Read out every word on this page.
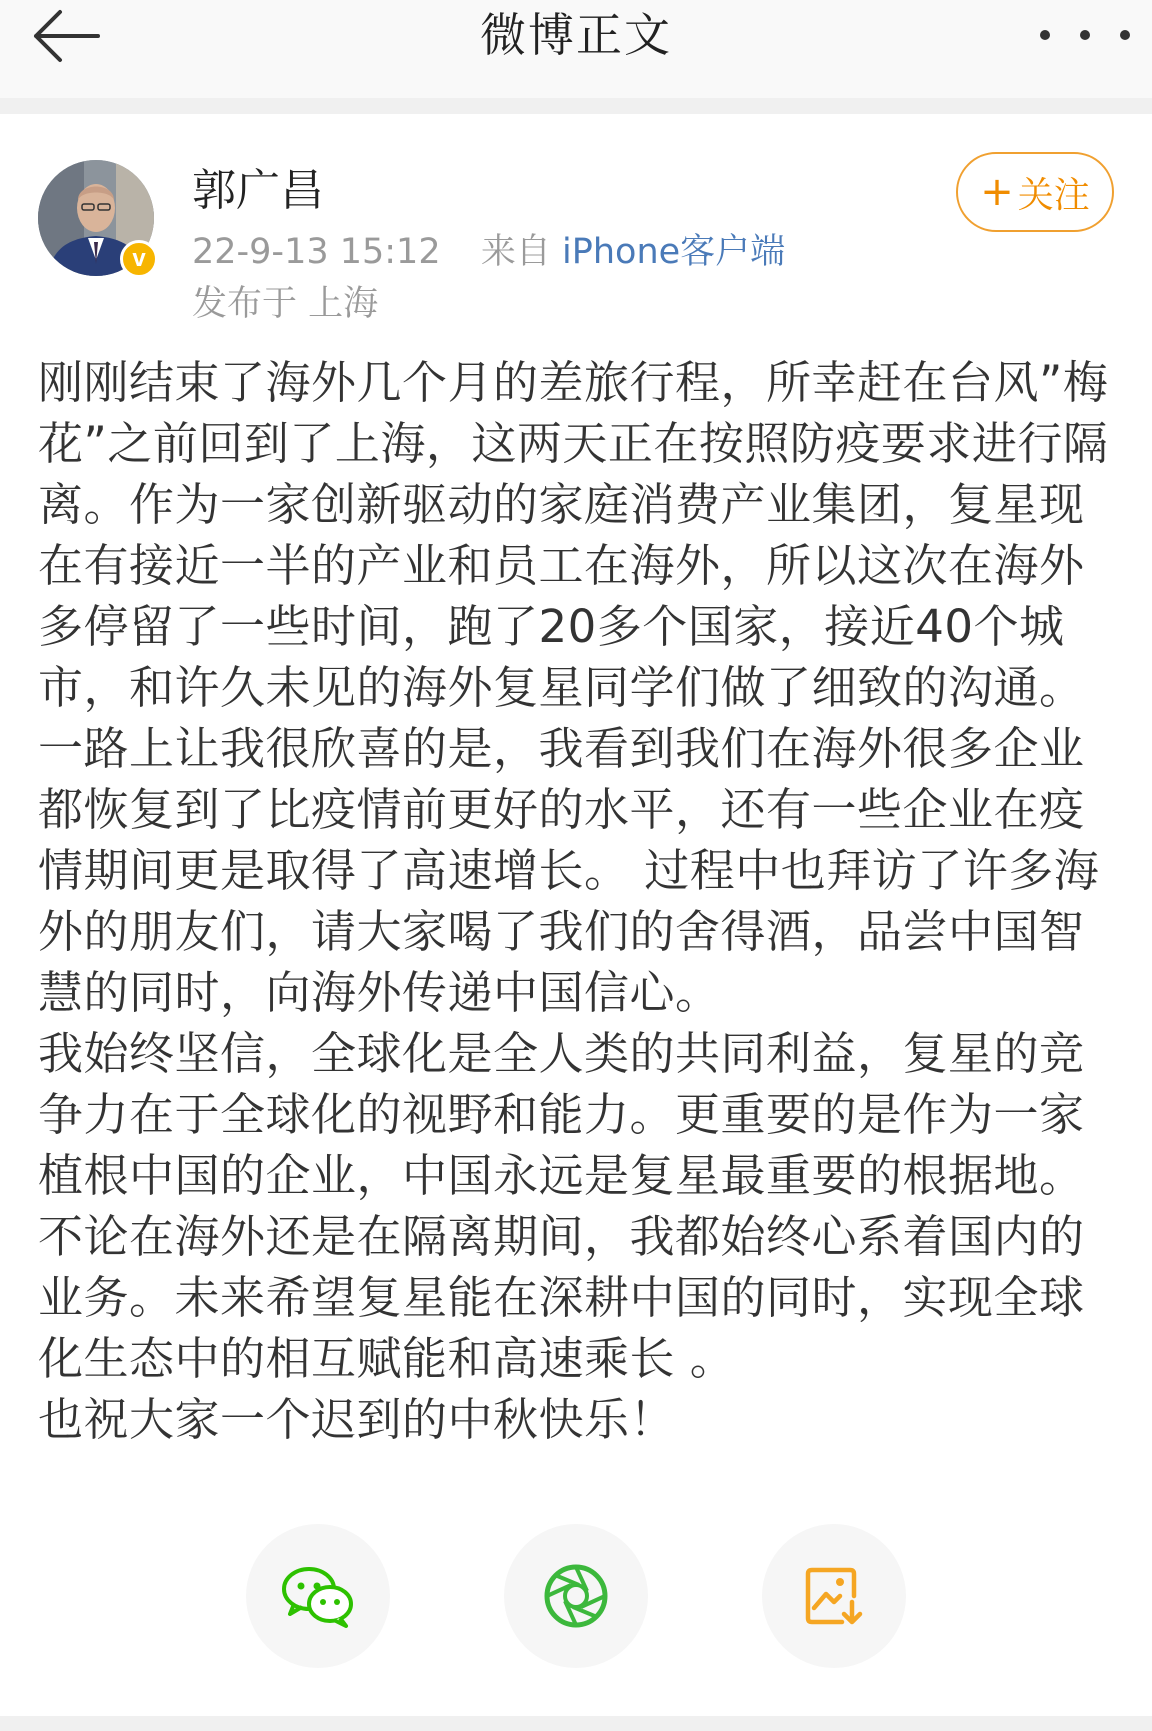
微博正文
v
郭广昌
22-9-13 15:12 来自 iPhone客户端
发布于 上海
+ 关注

刚刚结束了海外几个月的差旅行程，所幸赶在台风”梅花”之前回到了上海，这两天正在按照防疫要求进行隔离。作为一家创新驱动的家庭消费产业集团，复星现在有接近一半的产业和员工在海外，所以这次在海外多停留了一些时间，跑了20多个国家，接近40个城市，和许久未见的海外复星同学们做了细致的沟通。一路上让我很欣喜的是，我看到我们在海外很多企业都恢复到了比疫情前更好的水平，还有一些企业在疫情期间更是取得了高速增长。 过程中也拜访了许多海外的朋友们，请大家喝了我们的舍得酒，品尝中国智慧的同时，向海外传递中国信心。

我始终坚信，全球化是全人类的共同利益，复星的竞争力在于全球化的视野和能力。更重要的是作为一家植根中国的企业，中国永远是复星最重要的根据地。不论在海外还是在隔离期间，我都始终心系着国内的业务。未来希望复星能在深耕中国的同时，实现全球化生态中的相互赋能和高速乘长 。

也祝大家一个迟到的中秋快乐！
